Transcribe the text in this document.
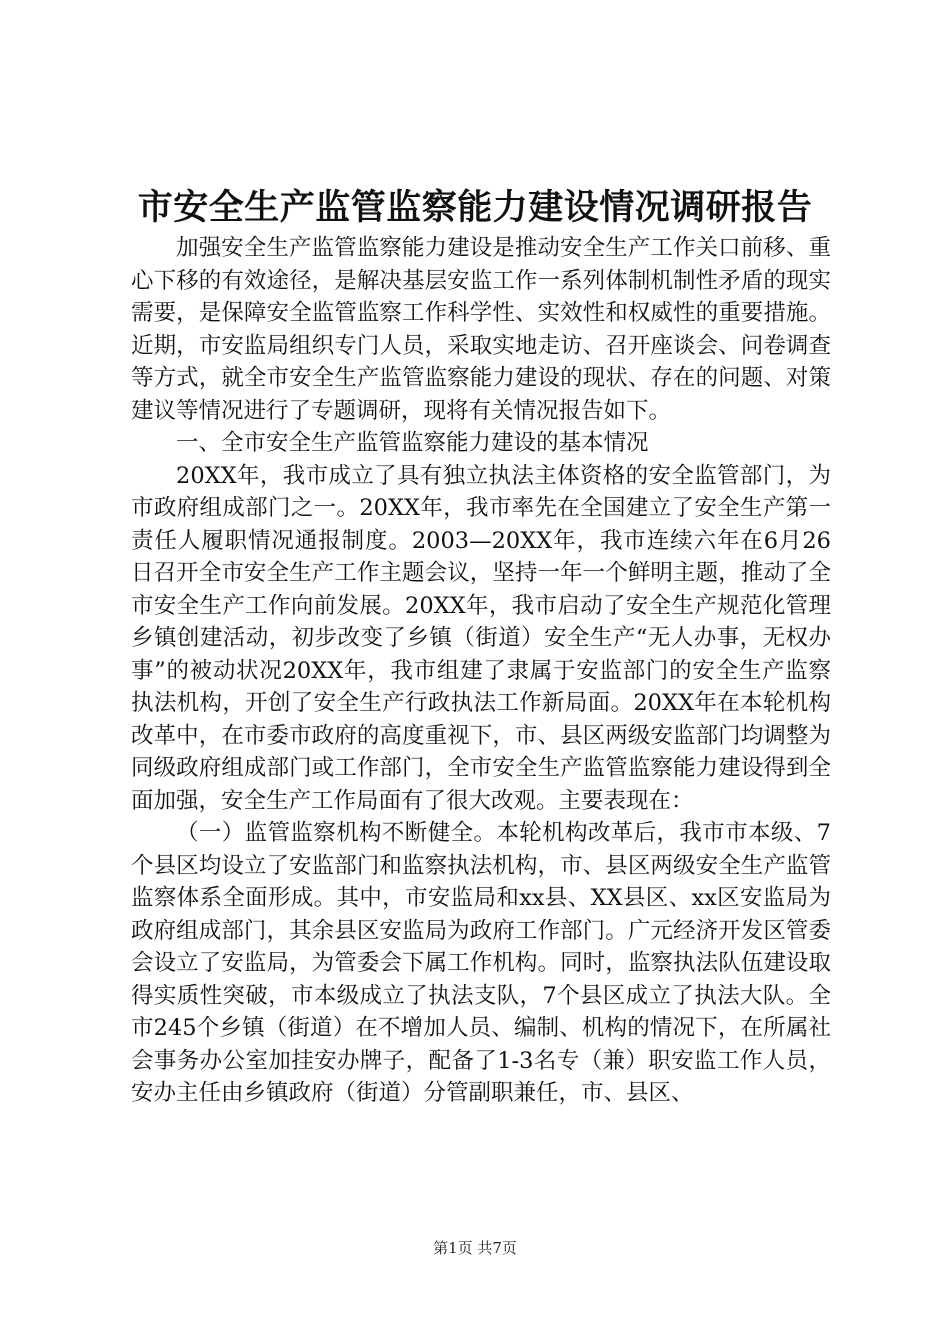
市安全生产监管监察能力建设情况调研报告

加强安全生产监管监察能力建设是推动安全生产工作关口前移、重心下移的有效途径，是解决基层安监工作一系列体制机制性矛盾的现实需要，是保障安全监管监察工作科学性、实效性和权威性的重要措施。近期，市安监局组织专门人员，采取实地走访、召开座谈会、问卷调查等方式，就全市安全生产监管监察能力建设的现状、存在的问题、对策建议等情况进行了专题调研，现将有关情况报告如下。

一、全市安全生产监管监察能力建设的基本情况

20XX年，我市成立了具有独立执法主体资格的安全监管部门，为市政府组成部门之一。20XX年，我市率先在全国建立了安全生产第一责任人履职情况通报制度。2003—20XX年，我市连续六年在6月26日召开全市安全生产工作主题会议，坚持一年一个鲜明主题，推动了全市安全生产工作向前发展。20XX年，我市启动了安全生产规范化管理乡镇创建活动，初步改变了乡镇（街道）安全生产“无人办事，无权办事”的被动状况20XX年，我市组建了隶属于安监部门的安全生产监察执法机构，开创了安全生产行政执法工作新局面。20XX年在本轮机构改革中，在市委市政府的高度重视下，市、县区两级安监部门均调整为同级政府组成部门或工作部门，全市安全生产监管监察能力建设得到全面加强，安全生产工作局面有了很大改观。主要表现在：

（一）监管监察机构不断健全。本轮机构改革后，我市市本级、7个县区均设立了安监部门和监察执法机构，市、县区两级安全生产监管监察体系全面形成。其中，市安监局和xx县、XX县区、xx区安监局为政府组成部门，其余县区安监局为政府工作部门。广元经济开发区管委会设立了安监局，为管委会下属工作机构。同时，监察执法队伍建设取得实质性突破，市本级成立了执法支队，7个县区成立了执法大队。全市245个乡镇（街道）在不增加人员、编制、机构的情况下，在所属社会事务办公室加挂安办牌子，配备了1-3名专（兼）职安监工作人员，安办主任由乡镇政府（街道）分管副职兼任，市、县区、

第1页 共7页
